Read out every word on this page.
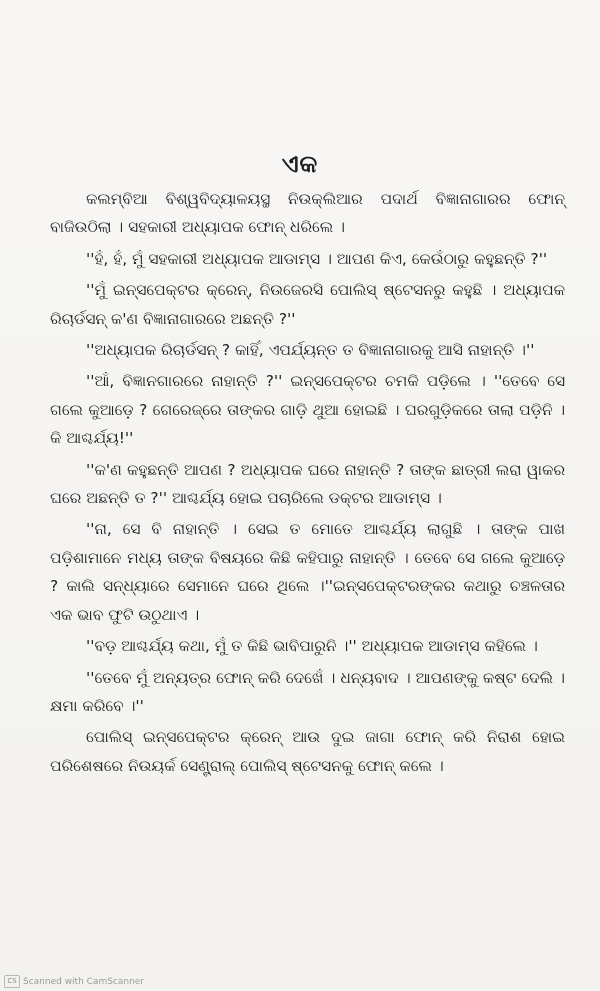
ଏକ

କଲମ୍ବିଆ ବିଶ୍ୱବିଦ୍ୟାଳୟସ୍ଥ ନିଉକ୍ଲିଆର ପଦାର୍ଥ ବିଜ୍ଞାନାଗାରର ଫୋନ୍ ବାଜିଉଠିଲା । ସହକାରୀ ଅଧ୍ୟାପକ ଫୋନ୍ ଧରିଲେ ।

''ହଁ, ହଁ, ମୁଁ ସହକାରୀ ଅଧ୍ୟାପକ ଆଡାମ୍ସ । ଆପଣ କିଏ, କେଉଁଠାରୁ କହୁଛନ୍ତି ?''

''ମୁଁ ଇନ୍‌ସପେକ୍ଟର କ୍ରେନ୍, ନିଉଜେରସି ପୋଲିସ୍ ଷ୍ଟେସନରୁ କହୁଛି । ଅଧ୍ୟାପକ ରିଚାର୍ଡସନ୍ କ'ଣ ବିଜ୍ଞାନାଗାରରେ ଅଛନ୍ତି ?''

''ଅଧ୍ୟାପକ ରିଚାର୍ଡସନ୍ ? କାହିଁ, ଏପର୍ଯ୍ୟନ୍ତ ତ ବିଜ୍ଞାନାଗାରକୁ ଆସି ନାହାନ୍ତି ।''

''ଆଁ, ବିଜ୍ଞାନଗାରରେ ନାହାନ୍ତି ?'' ଇନ୍‌ସପେକ୍ଟର ଚମକି ପଡ଼ିଲେ । ''ତେବେ ସେ ଗଲେ କୁଆଡ଼େ ? ଗେରେଜ୍‌ରେ ତାଙ୍କର ଗାଡ଼ି ଥୁଆ ହୋଇଛି । ଘରଗୁଡ଼ିକରେ ତାଲା ପଡ଼ିନି । କି ଆଶ୍ଚର୍ଯ୍ୟ!''

''କ'ଣ କହୁଛନ୍ତି ଆପଣ ? ଅଧ୍ୟାପକ ଘରେ ନାହାନ୍ତି ? ତାଙ୍କ ଛାତ୍ରୀ ଲରା ୱାକର ଘରେ ଅଛନ୍ତି ତ ?'' ଆଶ୍ଚର୍ଯ୍ୟ ହୋଇ ପଚାରିଲେ ଡକ୍ଟର ଆଡାମ୍ସ ।

''ନା, ସେ ବି ନାହାନ୍ତି । ସେଇ ତ ମୋତେ ଆଶ୍ଚର୍ଯ୍ୟ ଲାଗୁଛି । ତାଙ୍କ ପାଖ ପଡ଼ିଶାମାନେ ମଧ୍ୟ ତାଙ୍କ ବିଷୟରେ କିଛି କହିପାରୁ ନାହାନ୍ତି । ତେବେ ସେ ଗଲେ କୁଆଡ଼େ ? କାଲି ସନ୍ଧ୍ୟାରେ ସେମାନେ ଘରେ ଥିଲେ ।''ଇନ୍‌ସପେକ୍ଟରଙ୍କର କଥାରୁ ଚଞ୍ଚଳତାର ଏକ ଭାବ ଫୁଟି ଉଠୁଥାଏ ।

''ବଡ଼ ଆଶ୍ଚର୍ଯ୍ୟ କଥା, ମୁଁ ତ କିଛି ଭାବିପାରୁନି ।'' ଅଧ୍ୟାପକ ଆଡାମ୍ସ କହିଲେ ।

''ତେବେ ମୁଁ ଅନ୍ୟତ୍ର ଫୋନ୍ କରି ଦେଖେଁ । ଧନ୍ୟବାଦ । ଆପଣଙ୍କୁ କଷ୍ଟ ଦେଲି । କ୍ଷମା କରିବେ ।''

ପୋଲିସ୍ ଇନ୍‌ସପେକ୍ଟର କ୍ରେନ୍ ଆଉ ଦୁଇ ଜାଗା ଫୋନ୍ କରି ନିରାଶ ହୋଇ ପରିଶେଷରେ ନିଉୟର୍କ ସେଣ୍ଟ୍ରାଲ୍ ପୋଲିସ୍ ଷ୍ଟେସନକୁ ଫୋନ୍ କଲେ ।

CS Scanned with CamScanner
